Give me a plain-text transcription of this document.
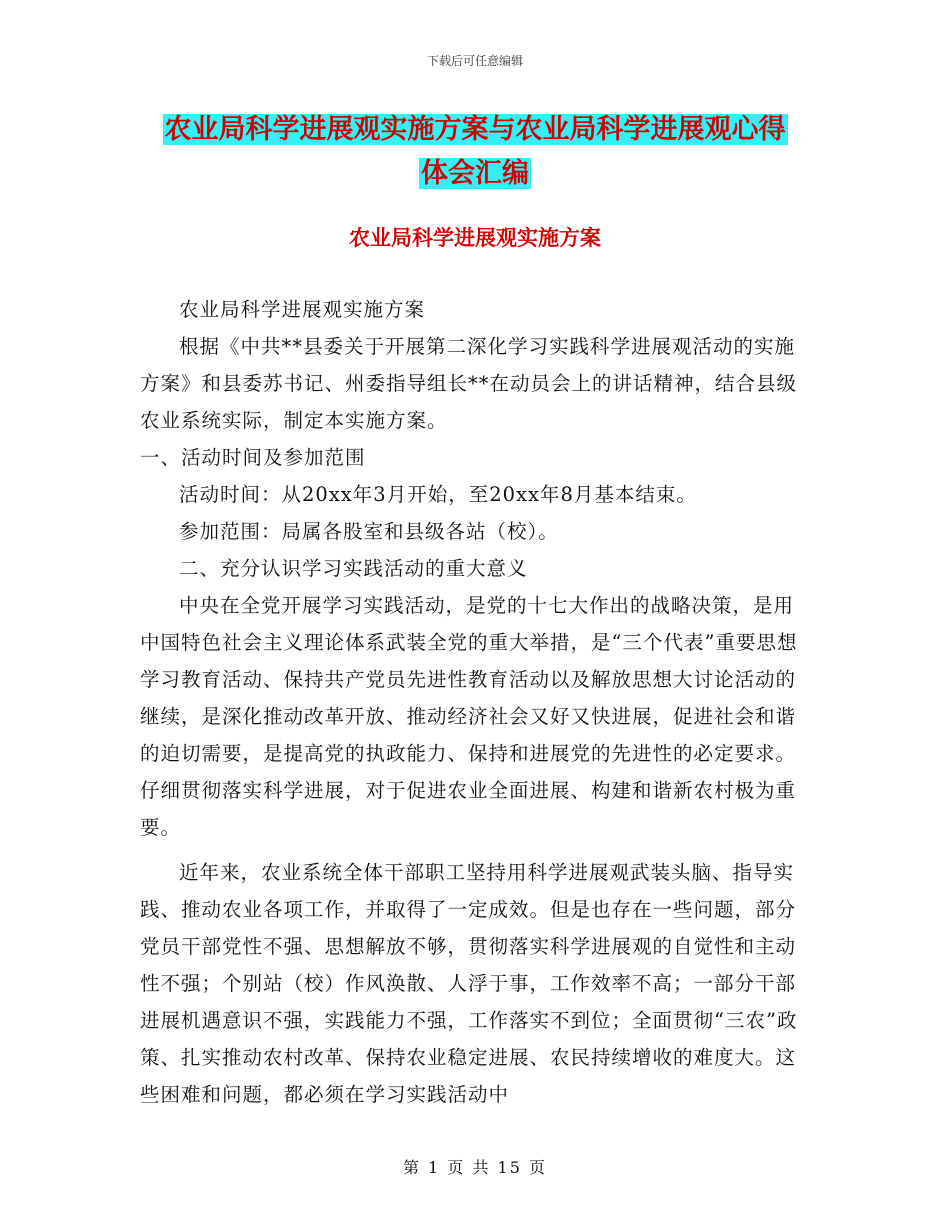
下载后可任意编辑
农业局科学进展观实施方案与农业局科学进展观心得
体会汇编
农业局科学进展观实施方案

农业局科学进展观实施方案

根据《中共**县委关于开展第二深化学习实践科学进展观活动的实施方案》和县委苏书记、州委指导组长**在动员会上的讲话精神，结合县级农业系统实际，制定本实施方案。

一、活动时间及参加范围

活动时间：从20xx年3月开始，至20xx年8月基本结束。

参加范围：局属各股室和县级各站（校）。

二、充分认识学习实践活动的重大意义

中央在全党开展学习实践活动，是党的十七大作出的战略决策，是用中国特色社会主义理论体系武装全党的重大举措，是“三个代表”重要思想学习教育活动、保持共产党员先进性教育活动以及解放思想大讨论活动的继续，是深化推动改革开放、推动经济社会又好又快进展，促进社会和谐的迫切需要，是提高党的执政能力、保持和进展党的先进性的必定要求。仔细贯彻落实科学进展，对于促进农业全面进展、构建和谐新农村极为重要。

近年来，农业系统全体干部职工坚持用科学进展观武装头脑、指导实践、推动农业各项工作，并取得了一定成效。但是也存在一些问题，部分党员干部党性不强、思想解放不够，贯彻落实科学进展观的自觉性和主动性不强；个别站（校）作风涣散、人浮于事，工作效率不高；一部分干部进展机遇意识不强，实践能力不强，工作落实不到位；全面贯彻“三农”政策、扎实推动农村改革、保持农业稳定进展、农民持续增收的难度大。这些困难和问题，都必须在学习实践活动中

第 1 页 共 15 页
